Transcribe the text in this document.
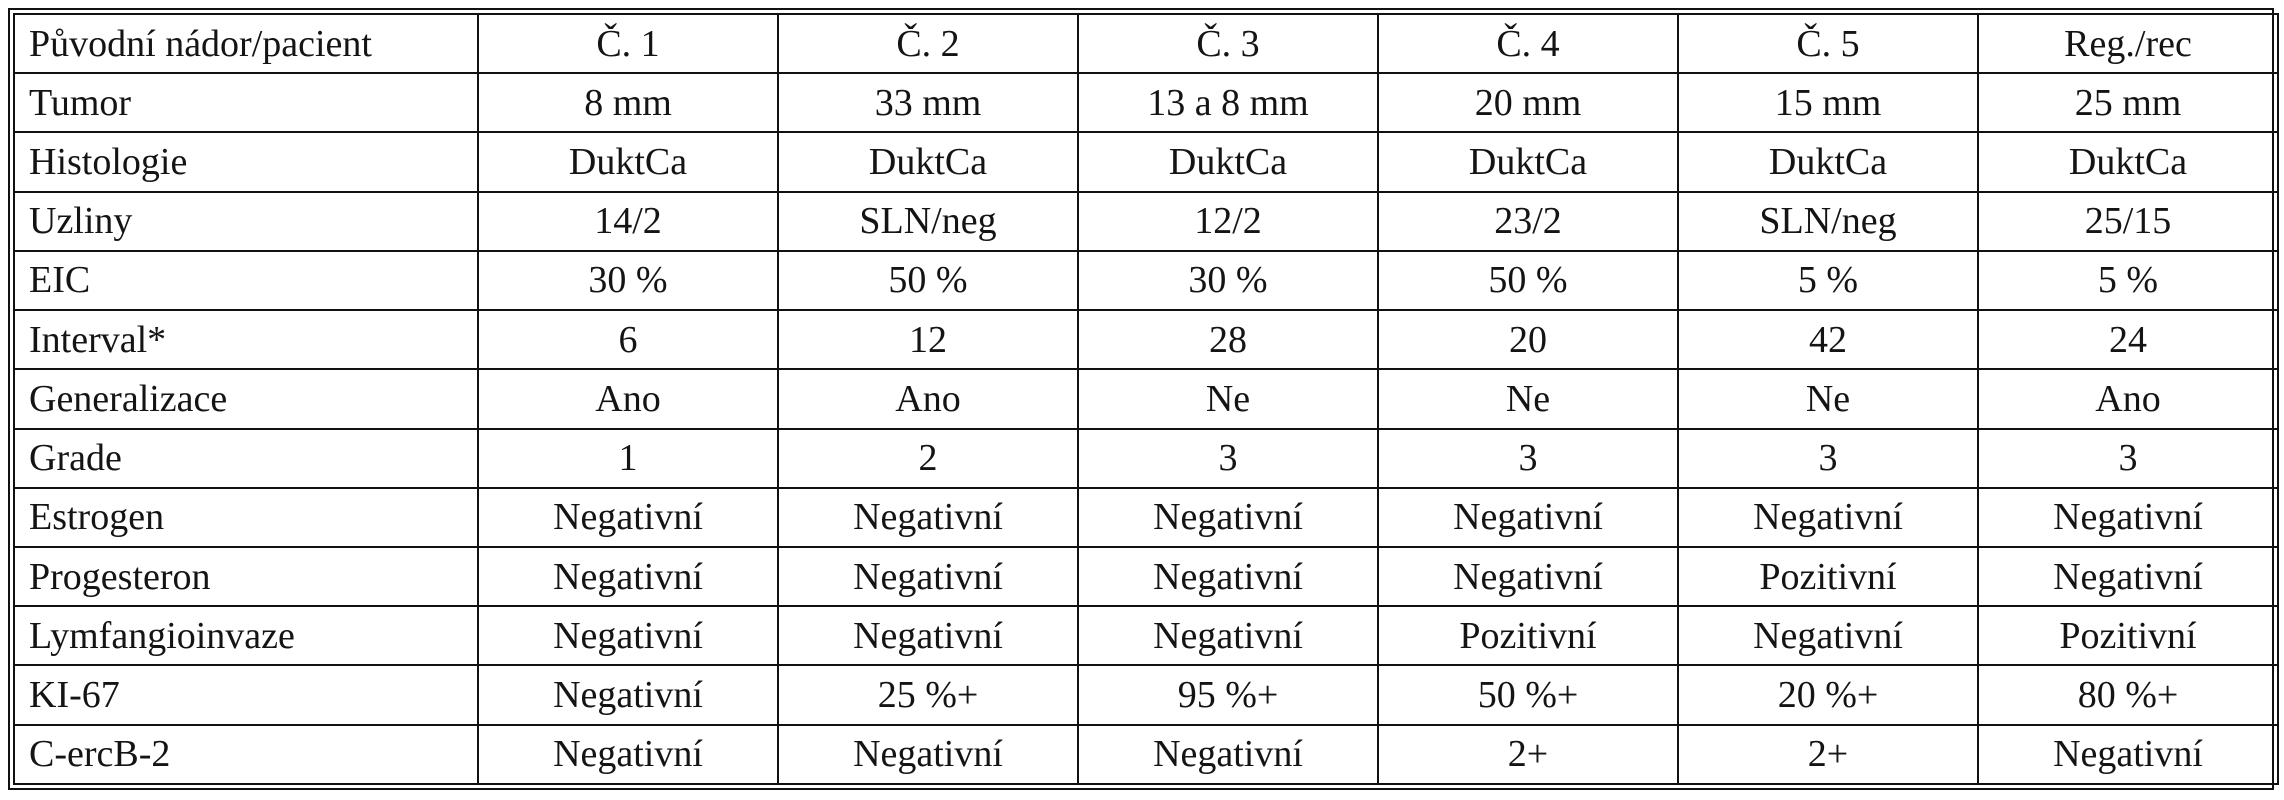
Původní nádor/pacient	Č. 1	Č. 2	Č. 3	Č. 4	Č. 5	Reg./rec
Tumor	8 mm	33 mm	13 a 8 mm	20 mm	15 mm	25 mm
Histologie	DuktCa	DuktCa	DuktCa	DuktCa	DuktCa	DuktCa
Uzliny	14/2	SLN/neg	12/2	23/2	SLN/neg	25/15
EIC	30 %	50 %	30 %	50 %	5 %	5 %
Interval*	6	12	28	20	42	24
Generalizace	Ano	Ano	Ne	Ne	Ne	Ano
Grade	1	2	3	3	3	3
Estrogen	Negativní	Negativní	Negativní	Negativní	Negativní	Negativní
Progesteron	Negativní	Negativní	Negativní	Negativní	Pozitivní	Negativní
Lymfangioinvaze	Negativní	Negativní	Negativní	Pozitivní	Negativní	Pozitivní
KI-67	Negativní	25 %+	95 %+	50 %+	20 %+	80 %+
C-ercB-2	Negativní	Negativní	Negativní	2+	2+	Negativní
